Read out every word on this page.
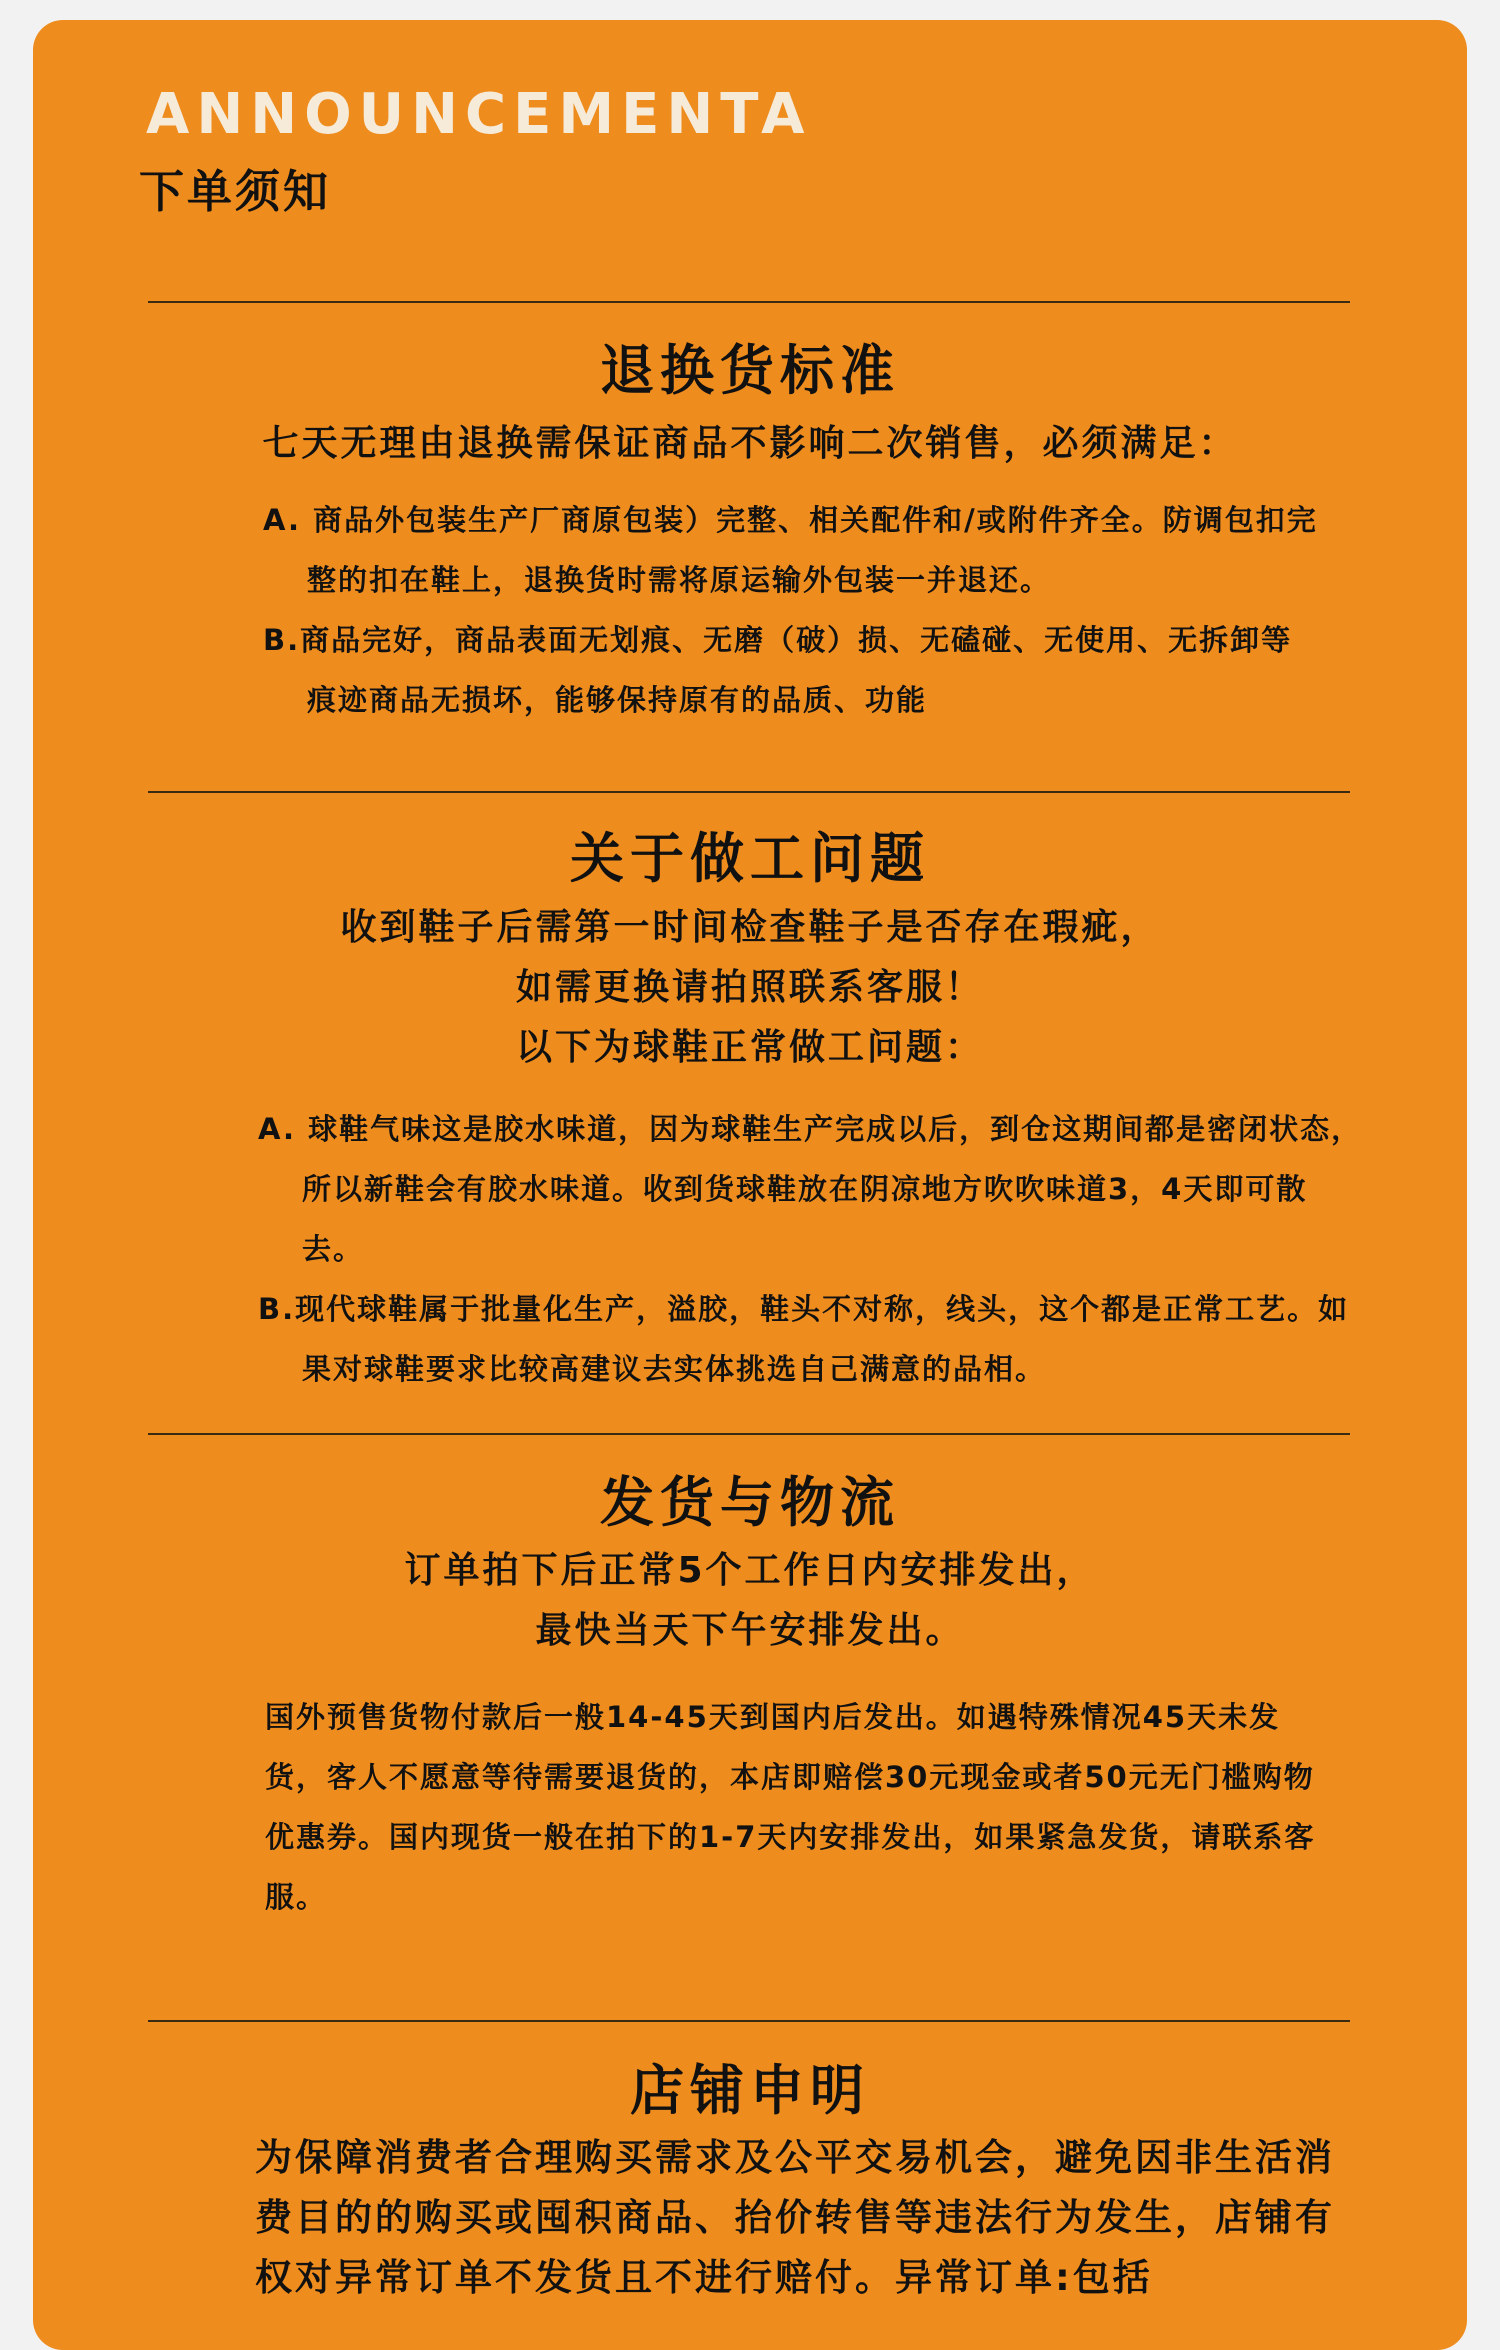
ANNOUNCEMENTA
下单须知
退换货标准
七天无理由退换需保证商品不影响二次销售，必须满足：
A. 商品外包装生产厂商原包装）完整、相关配件和/或附件齐全。防调包扣完整的扣在鞋上，退换货时需将原运输外包装一并退还。
B.商品完好，商品表面无划痕、无磨（破）损、无磕碰、无使用、无拆卸等痕迹商品无损坏，能够保持原有的品质、功能
关于做工问题
收到鞋子后需第一时间检查鞋子是否存在瑕疵，
如需更换请拍照联系客服！
以下为球鞋正常做工问题：
A. 球鞋气味这是胶水味道，因为球鞋生产完成以后，到仓这期间都是密闭状态，所以新鞋会有胶水味道。收到货球鞋放在阴凉地方吹吹味道3，4天即可散去。
B.现代球鞋属于批量化生产，溢胶，鞋头不对称，线头，这个都是正常工艺。如果对球鞋要求比较高建议去实体挑选自己满意的品相。
发货与物流
订单拍下后正常5个工作日内安排发出，
最快当天下午安排发出。
国外预售货物付款后一般14-45天到国内后发出。如遇特殊情况45天未发货，客人不愿意等待需要退货的，本店即赔偿30元现金或者50元无门槛购物优惠券。国内现货一般在拍下的1-7天内安排发出，如果紧急发货，请联系客服。
店铺申明
为保障消费者合理购买需求及公平交易机会，避免因非生活消费目的的购买或囤积商品、抬价转售等违法行为发生，店铺有权对异常订单不发货且不进行赔付。异常订单:包括
